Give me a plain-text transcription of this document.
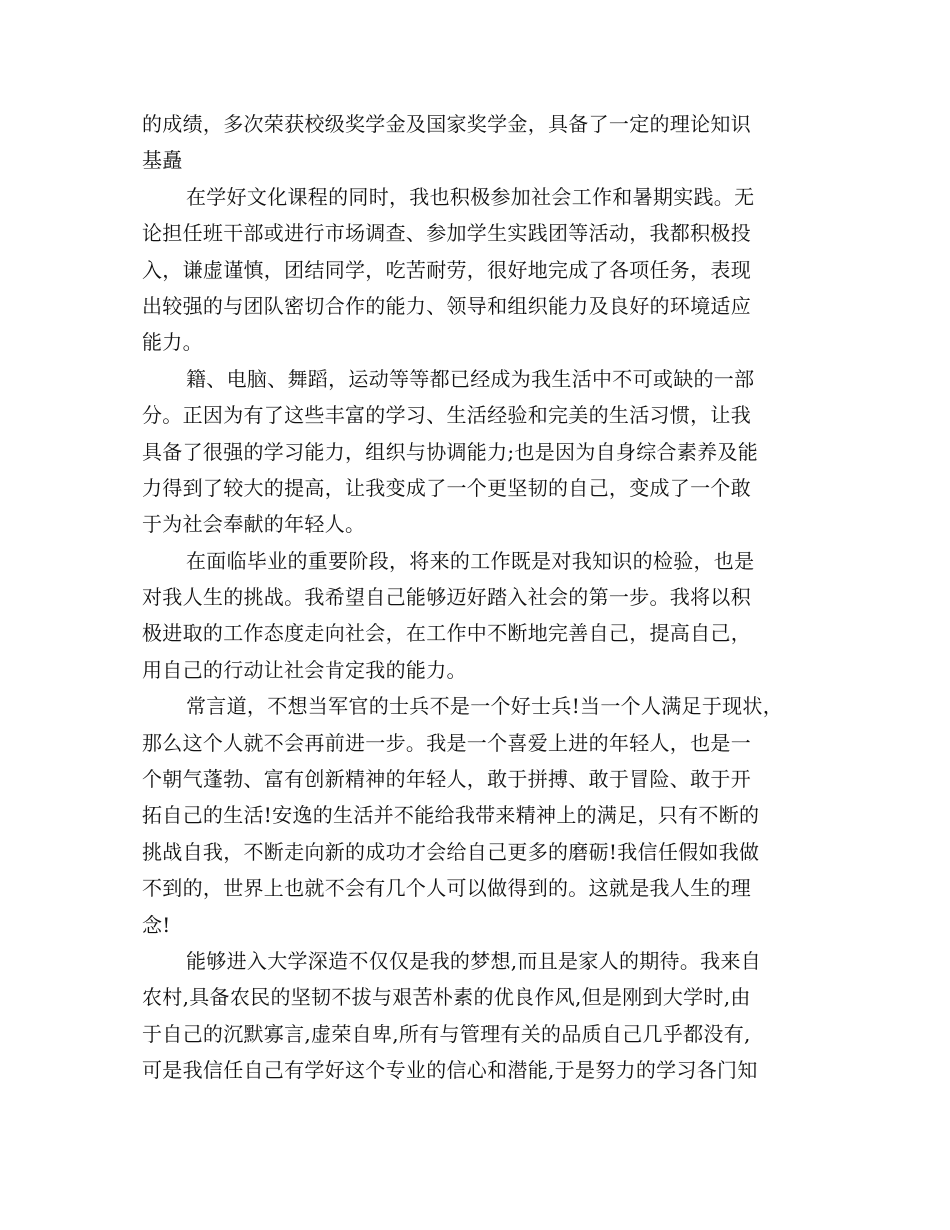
的成绩，多次荣获校级奖学金及国家奖学金，具备了一定的理论知识
基矗
在学好文化课程的同时，我也积极参加社会工作和暑期实践。无
论担任班干部或进行市场调查、参加学生实践团等活动，我都积极投
入，谦虚谨慎，团结同学，吃苦耐劳，很好地完成了各项任务，表现
出较强的与团队密切合作的能力、领导和组织能力及良好的环境适应
能力。
籍、电脑、舞蹈，运动等等都已经成为我生活中不可或缺的一部
分。正因为有了这些丰富的学习、生活经验和完美的生活习惯，让我
具备了很强的学习能力，组织与协调能力;也是因为自身综合素养及能
力得到了较大的提高，让我变成了一个更坚韧的自己，变成了一个敢
于为社会奉献的年轻人。
在面临毕业的重要阶段，将来的工作既是对我知识的检验，也是
对我人生的挑战。我希望自己能够迈好踏入社会的第一步。我将以积
极进取的工作态度走向社会，在工作中不断地完善自己，提高自己，
用自己的行动让社会肯定我的能力。
常言道，不想当军官的士兵不是一个好士兵!当一个人满足于现状，
那么这个人就不会再前进一步。我是一个喜爱上进的年轻人，也是一
个朝气蓬勃、富有创新精神的年轻人，敢于拼搏、敢于冒险、敢于开
拓自己的生活!安逸的生活并不能给我带来精神上的满足，只有不断的
挑战自我，不断走向新的成功才会给自己更多的磨砺!我信任假如我做
不到的，世界上也就不会有几个人可以做得到的。这就是我人生的理
念!
能够进入大学深造不仅仅是我的梦想,而且是家人的期待。我来自
农村,具备农民的坚韧不拔与艰苦朴素的优良作风,但是刚到大学时,由
于自己的沉默寡言,虚荣自卑,所有与管理有关的品质自己几乎都没有,
可是我信任自己有学好这个专业的信心和潜能,于是努力的学习各门知
